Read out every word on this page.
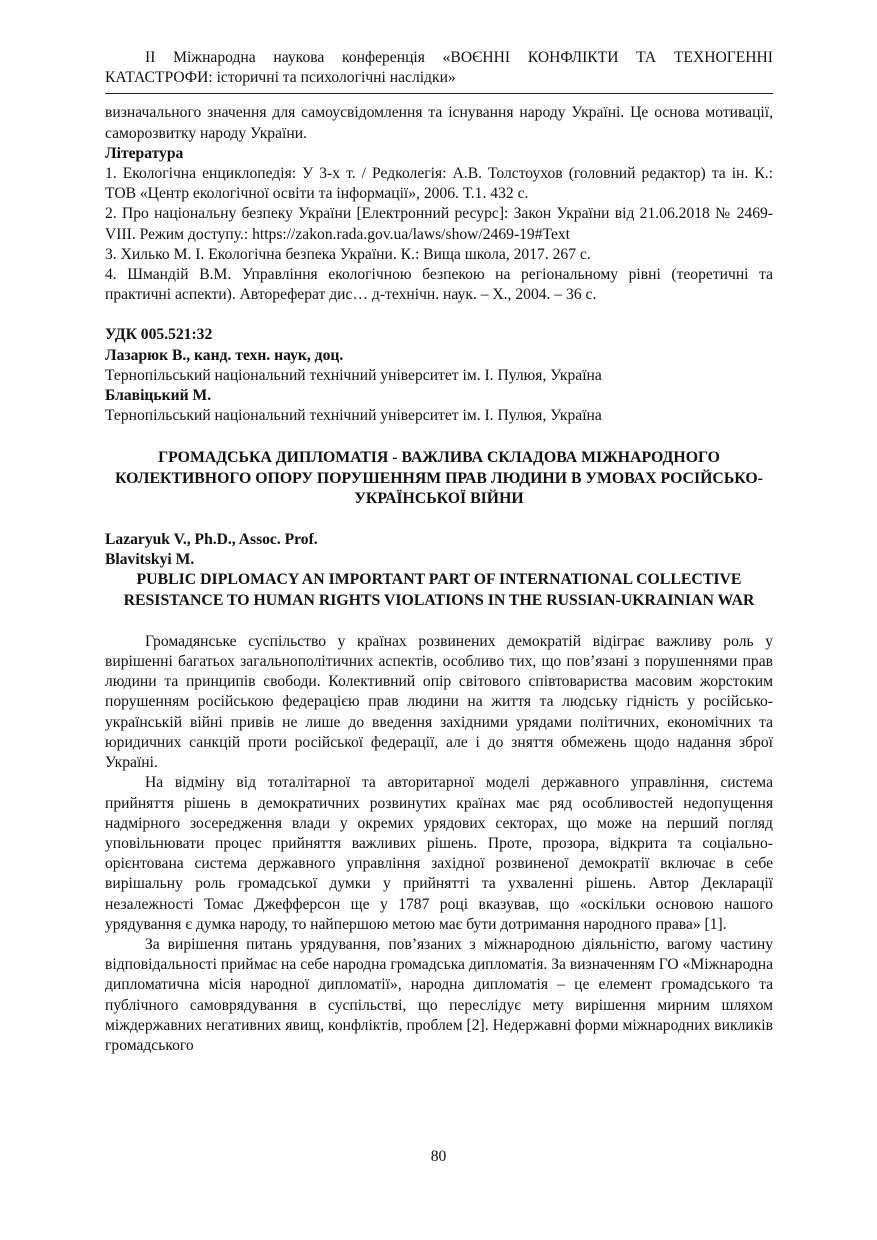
II Міжнародна наукова конференція «ВОЄННІ КОНФЛІКТИ ТА ТЕХНОГЕННІ КАТАСТРОФИ: історичні та психологічні наслідки»

визначального значення для самоусвідомлення та існування народу Україні. Це основа мотивації, саморозвитку народу України.

Література

1. Екологічна енциклопедія: У 3-х т. / Редколегія: А.В. Толстоухов (головний редактор) та ін. К.: ТОВ «Центр екологічної освіти та інформації», 2006. Т.1. 432 с.
2. Про національну безпеку України [Електронний ресурс]: Закон України від 21.06.2018 № 2469-VIII. Режим доступу.: https://zakon.rada.gov.ua/laws/show/2469-19#Text
3. Хилько М. І. Екологічна безпека України. К.: Вища школа, 2017. 267 с.
4. Шмандій В.М. Управління екологічною безпекою на регіональному рівні (теоретичні та практичні аспекти). Автореферат дис… д-технічн. наук. – Х., 2004. – 36 с.

УДК 005.521:32

Лазарюк В., канд. техн. наук, доц.

Тернопільський національний технічний університет ім. І. Пулюя, Україна

Блавіцький М.

Тернопільський національний технічний університет ім. І. Пулюя, Україна

ГРОМАДСЬКА ДИПЛОМАТІЯ - ВАЖЛИВА СКЛАДОВА МІЖНАРОДНОГО КОЛЕКТИВНОГО ОПОРУ ПОРУШЕННЯМ ПРАВ ЛЮДИНИ В УМОВАХ РОСІЙСЬКО-УКРАЇНСЬКОЇ ВІЙНИ

Lazaryuk V., Ph.D., Assoc. Prof.

Blavitskyi M.

PUBLIC DIPLOMACY AN IMPORTANT PART OF INTERNATIONAL COLLECTIVE RESISTANCE TO HUMAN RIGHTS VIOLATIONS IN THE RUSSIAN-UKRAINIAN WAR

Громадянське суспільство у країнах розвинених демократій відіграє важливу роль у вирішенні багатьох загальнополітичних аспектів, особливо тих, що пов’язані з порушеннями прав людини та принципів свободи. Колективний опір світового співтовариства масовим жорстоким порушенням російською федерацією прав людини на життя та людську гідність у російсько-українській війні привів не лише до введення західними урядами політичних, економічних та юридичних санкцій проти російської федерації, але і до зняття обмежень щодо надання зброї Україні.

На відміну від тоталітарної та авторитарної моделі державного управління, система прийняття рішень в демократичних розвинутих країнах має ряд особливостей недопущення надмірного зосередження влади у окремих урядових секторах, що може на перший погляд уповільнювати процес прийняття важливих рішень. Проте, прозора, відкрита та соціально-орієнтована система державного управління західної розвиненої демократії включає в себе вирішальну роль громадської думки у прийнятті та ухваленні рішень. Автор Декларації незалежності Томас Джефферсон ще у 1787 році вказував, що «оскільки основою нашого урядування є думка народу, то найпершою метою має бути дотримання народного права» [1].

За вирішення питань урядування, пов’язаних з міжнародною діяльністю, вагому частину відповідальності приймає на себе народна громадська дипломатія. За визначенням ГО «Міжнародна дипломатична місія народної дипломатії», народна дипломатія – це елемент громадського та публічного самоврядування в суспільстві, що переслідує мету вирішення мирним шляхом міждержавних негативних явищ, конфліктів, проблем [2]. Недержавні форми міжнародних викликів громадського

80
